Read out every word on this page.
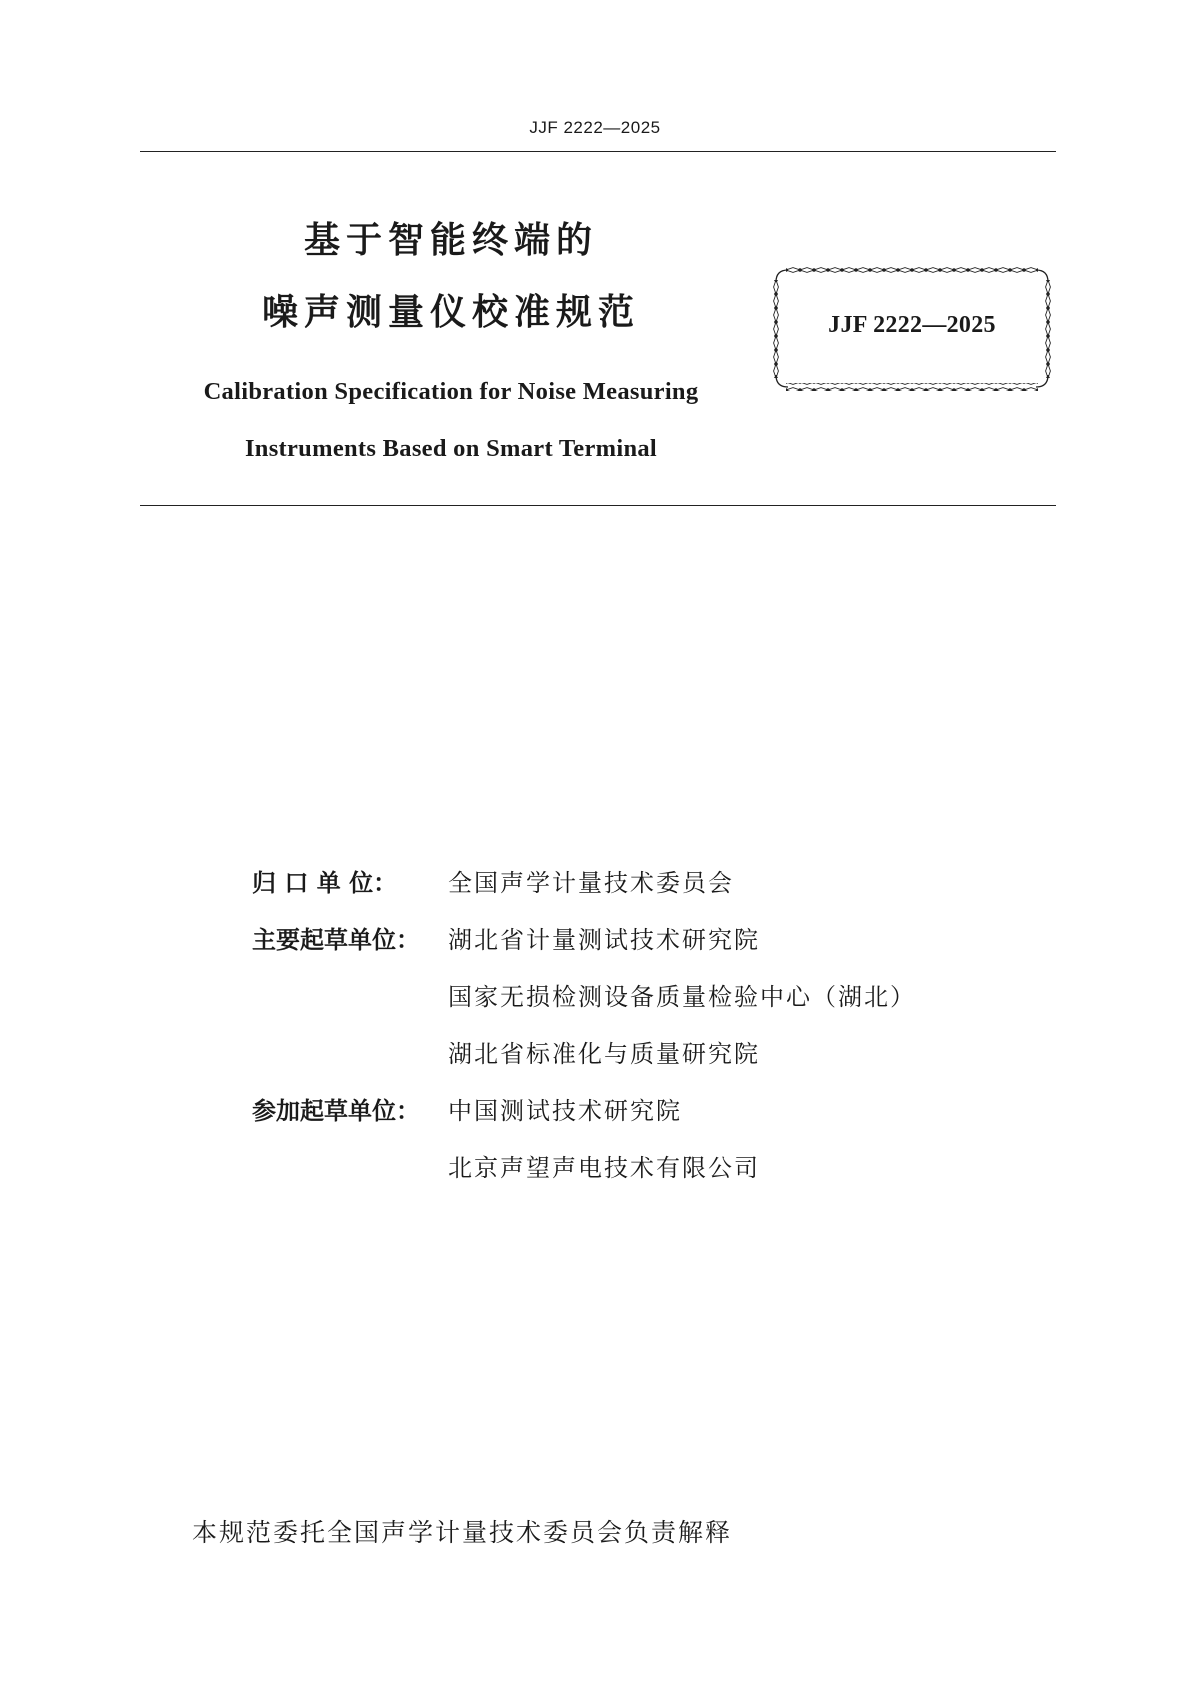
JJF 2222—2025

基于智能终端的

噪声测量仪校准规范

Calibration Specification for Noise Measuring

Instruments Based on Smart Terminal

JJF 2222—2025
归 口 单 位：	全国声学计量技术委员会
主要起草单位：	湖北省计量测试技术研究院
国家无损检测设备质量检验中心（湖北）
湖北省标准化与质量研究院
参加起草单位：	中国测试技术研究院
北京声望声电技术有限公司
本规范委托全国声学计量技术委员会负责解释
